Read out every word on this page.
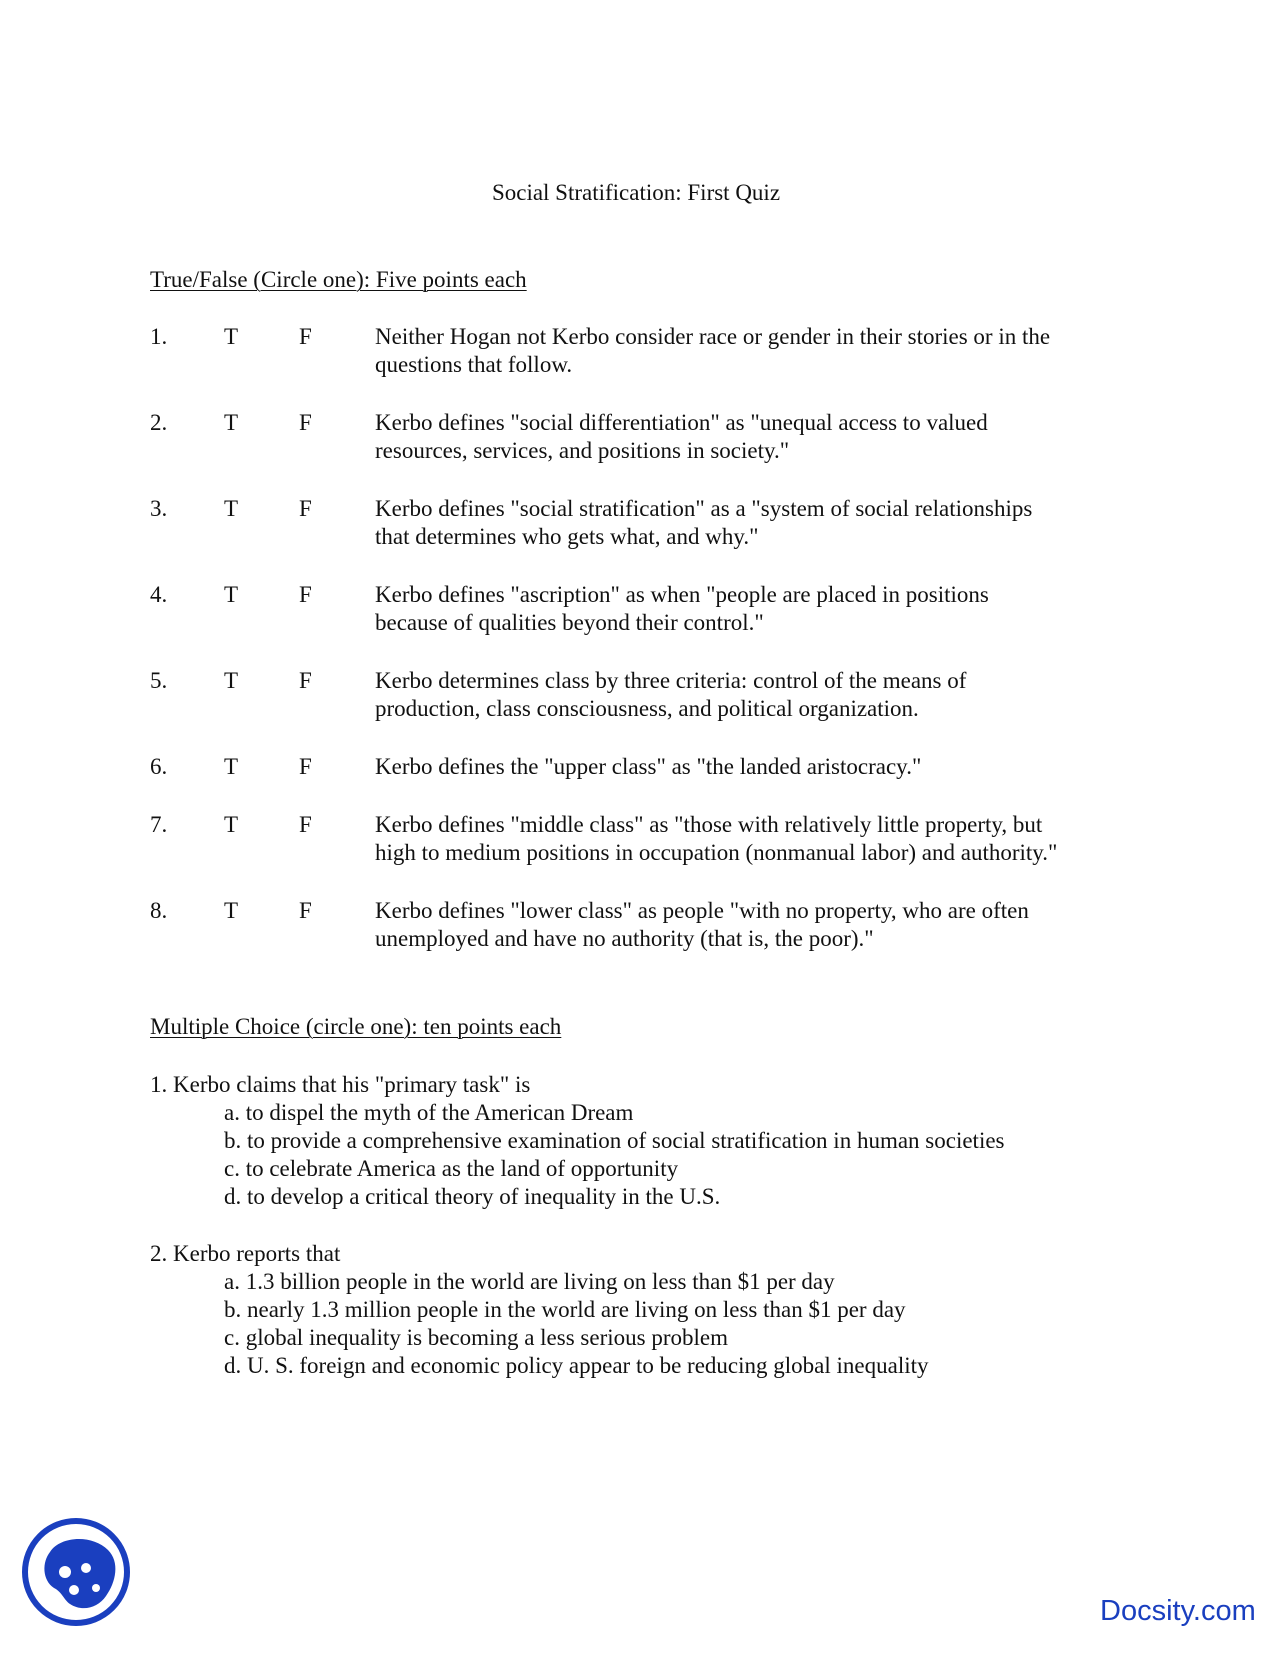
Social Stratification: First Quiz
True/False (Circle one): Five points each
1. T	F	Neither Hogan not Kerbo consider race or gender in their stories or in the
questions that follow.
2. T	F	Kerbo defines "social differentiation" as "unequal access to valued
resources, services, and positions in society."
3. T	F	Kerbo defines "social stratification" as a "system of social relationships
that determines who gets what, and why."
4. T	F	Kerbo defines "ascription" as when "people are placed in positions
because of qualities beyond their control."
5. T	F	Kerbo determines class by three criteria: control of the means of
production, class consciousness, and political organization.
6. T	F	Kerbo defines the "upper class" as "the landed aristocracy."
7. T	F	Kerbo defines "middle class" as "those with relatively little property, but
high to medium positions in occupation (nonmanual labor) and authority."
8. T	F	Kerbo defines "lower class" as people "with no property, who are often
unemployed and have no authority (that is, the poor)."
Multiple Choice (circle one): ten points each
1. Kerbo claims that his "primary task" is
a. to dispel the myth of the American Dream
b. to provide a comprehensive examination of social stratification in human societies
c. to celebrate America as the land of opportunity
d. to develop a critical theory of inequality in the U.S.
2. Kerbo reports that
a. 1.3 billion people in the world are living on less than $1 per day
b. nearly 1.3 million people in the world are living on less than $1 per day
c. global inequality is becoming a less serious problem
d. U. S. foreign and economic policy appear to be reducing global inequality
Docsity.com
